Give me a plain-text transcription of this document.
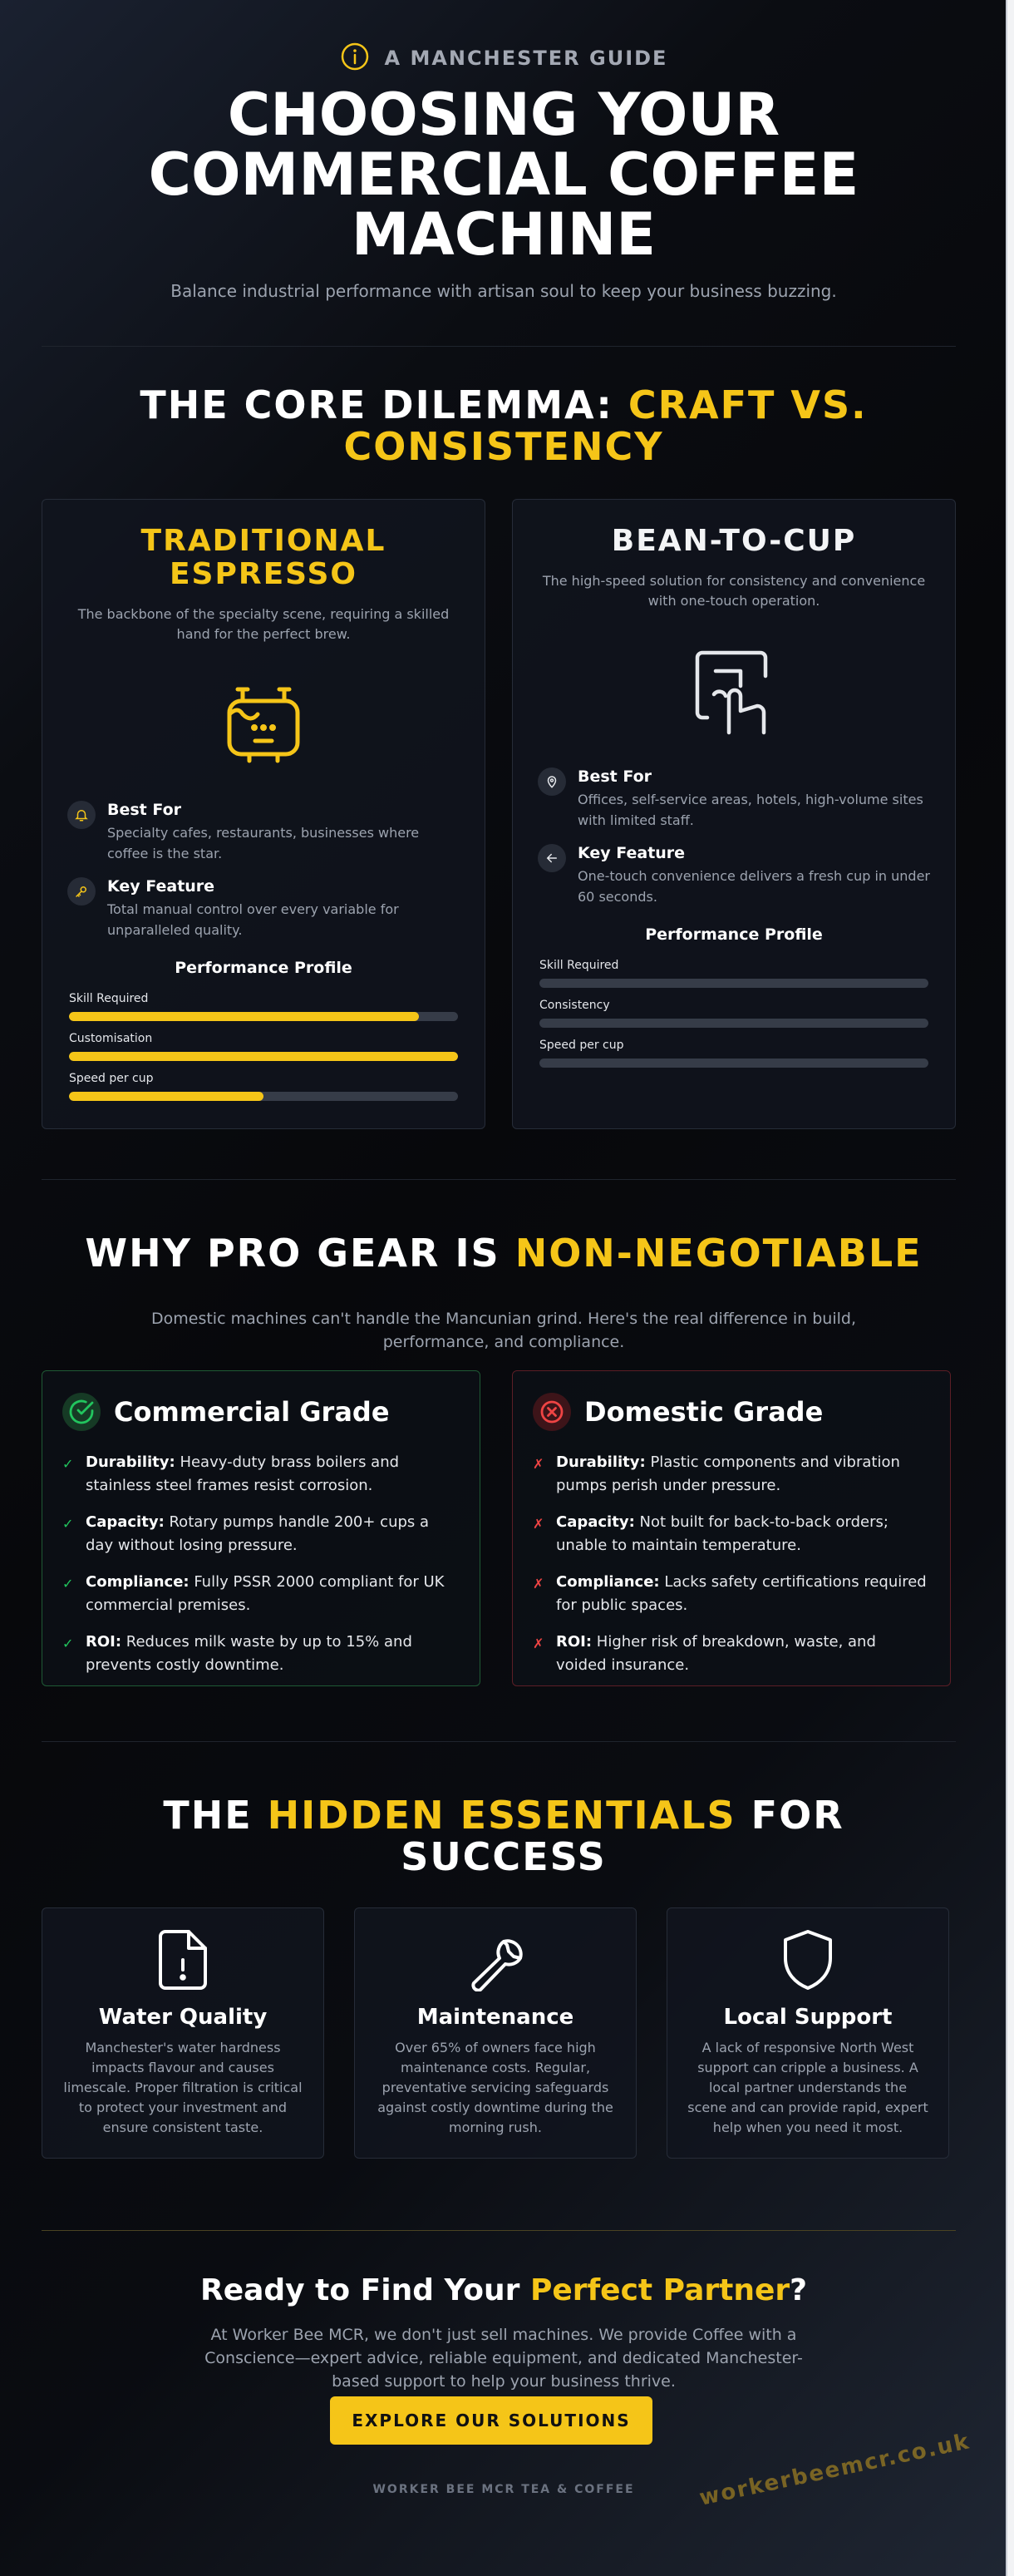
A MANCHESTER GUIDE
CHOOSING YOUR
COMMERCIAL COFFEE
MACHINE
Balance industrial performance with artisan soul to keep your business buzzing.
THE CORE DILEMMA: CRAFT VS.
CONSISTENCY
TRADITIONAL
ESPRESSO
The backbone of the specialty scene, requiring a skilled hand for the perfect brew.
Best For
Specialty cafes, restaurants, businesses where coffee is the star.
Key Feature
Total manual control over every variable for unparalleled quality.
Performance Profile
Skill Required
Customisation
Speed per cup
BEAN-TO-CUP
The high-speed solution for consistency and convenience with one-touch operation.
Best For
Offices, self-service areas, hotels, high-volume sites with limited staff.
Key Feature
One-touch convenience delivers a fresh cup in under 60 seconds.
Performance Profile
Skill Required
Consistency
Speed per cup
WHY PRO GEAR IS NON-NEGOTIABLE
Domestic machines can't handle the Mancunian grind. Here's the real difference in build, performance, and compliance.
Commercial Grade
✓ Durability: Heavy-duty brass boilers and stainless steel frames resist corrosion.
✓ Capacity: Rotary pumps handle 200+ cups a day without losing pressure.
✓ Compliance: Fully PSSR 2000 compliant for UK commercial premises.
✓ ROI: Reduces milk waste by up to 15% and prevents costly downtime.
Domestic Grade
✗ Durability: Plastic components and vibration pumps perish under pressure.
✗ Capacity: Not built for back-to-back orders; unable to maintain temperature.
✗ Compliance: Lacks safety certifications required for public spaces.
✗ ROI: Higher risk of breakdown, waste, and voided insurance.
THE HIDDEN ESSENTIALS FOR
SUCCESS
Water Quality
Manchester's water hardness impacts flavour and causes limescale. Proper filtration is critical to protect your investment and ensure consistent taste.
Maintenance
Over 65% of owners face high maintenance costs. Regular, preventative servicing safeguards against costly downtime during the morning rush.
Local Support
A lack of responsive North West support can cripple a business. A local partner understands the scene and can provide rapid, expert help when you need it most.
Ready to Find Your Perfect Partner?
At Worker Bee MCR, we don't just sell machines. We provide Coffee with a Conscience—expert advice, reliable equipment, and dedicated Manchester-based support to help your business thrive.
EXPLORE OUR SOLUTIONS
WORKER BEE MCR TEA & COFFEE	workerbeemcr.co.uk
